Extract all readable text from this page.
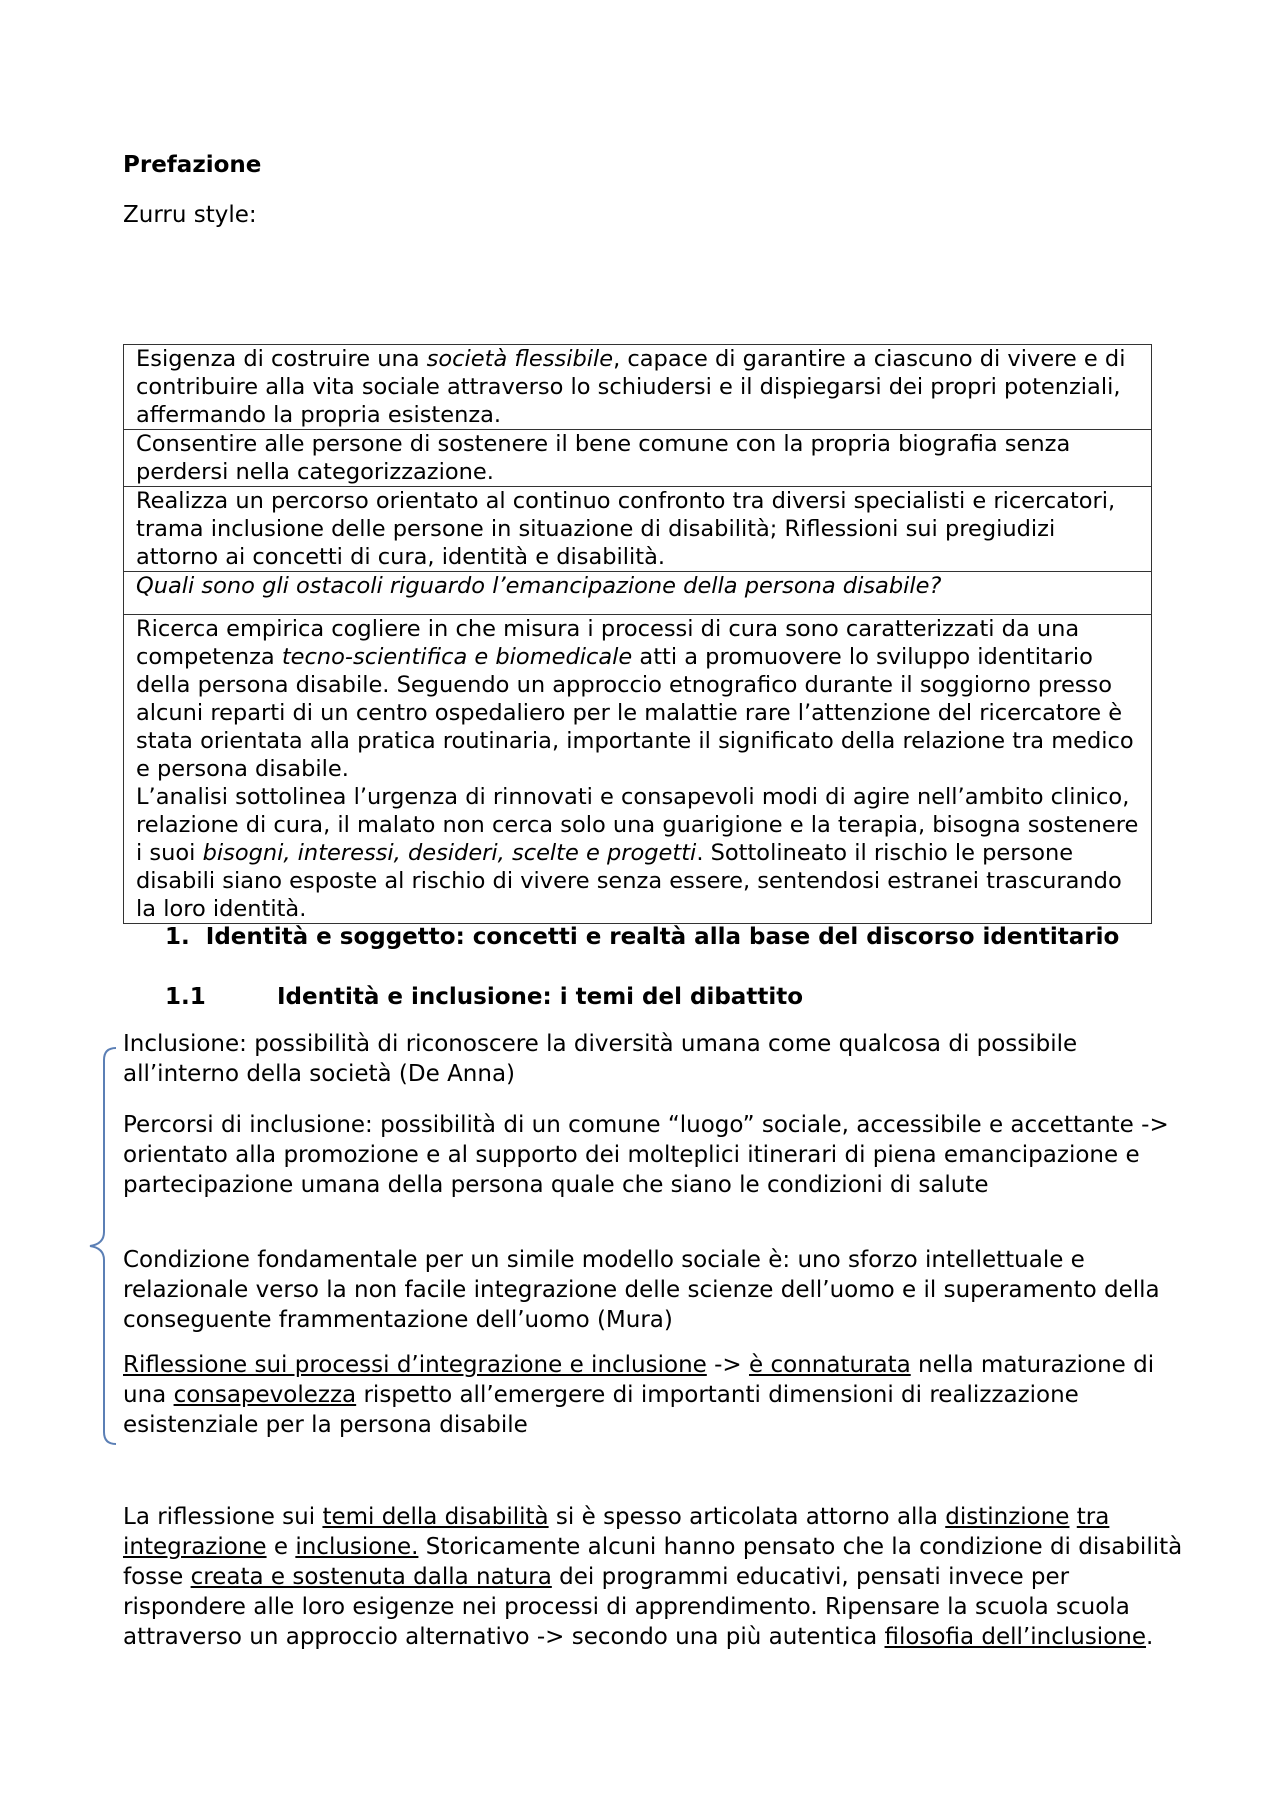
Prefazione
Zurru style:
Esigenza di costruire una società flessibile, capace di garantire a ciascuno di vivere e di contribuire alla vita sociale attraverso lo schiudersi e il dispiegarsi dei propri potenziali, affermando la propria esistenza.
Consentire alle persone di sostenere il bene comune con la propria biografia senza perdersi nella categorizzazione.
Realizza un percorso orientato al continuo confronto tra diversi specialisti e ricercatori, trama inclusione delle persone in situazione di disabilità; Riflessioni sui pregiudizi attorno ai concetti di cura, identità e disabilità.
Quali sono gli ostacoli riguardo l’emancipazione della persona disabile?
Ricerca empirica cogliere in che misura i processi di cura sono caratterizzati da una competenza tecno-scientifica e biomedicale atti a promuovere lo sviluppo identitario della persona disabile. Seguendo un approccio etnografico durante il soggiorno presso alcuni reparti di un centro ospedaliero per le malattie rare l’attenzione del ricercatore è stata orientata alla pratica routinaria, importante il significato della relazione tra medico e persona disabile.
L’analisi sottolinea l’urgenza di rinnovati e consapevoli modi di agire nell’ambito clinico, relazione di cura, il malato non cerca solo una guarigione e la terapia, bisogna sostenere i suoi bisogni, interessi, desideri, scelte e progetti. Sottolineato il rischio le persone disabili siano esposte al rischio di vivere senza essere, sentendosi estranei trascurando la loro identità.
1. Identità e soggetto: concetti e realtà alla base del discorso identitario
1.1	Identità e inclusione: i temi del dibattito

Inclusione: possibilità di riconoscere la diversità umana come qualcosa di possibile all’interno della società (De Anna)

Percorsi di inclusione: possibilità di un comune “luogo” sociale, accessibile e accettante -> orientato alla promozione e al supporto dei molteplici itinerari di piena emancipazione e partecipazione umana della persona quale che siano le condizioni di salute

Condizione fondamentale per un simile modello sociale è: uno sforzo intellettuale e relazionale verso la non facile integrazione delle scienze dell’uomo e il superamento della conseguente frammentazione dell’uomo (Mura)

Riflessione sui processi d’integrazione e inclusione -> è connaturata nella maturazione di una consapevolezza rispetto all’emergere di importanti dimensioni di realizzazione esistenziale per la persona disabile

La riflessione sui temi della disabilità si è spesso articolata attorno alla distinzione tra integrazione e inclusione. Storicamente alcuni hanno pensato che la condizione di disabilità fosse creata e sostenuta dalla natura dei programmi educativi, pensati invece per rispondere alle loro esigenze nei processi di apprendimento. Ripensare la scuola scuola attraverso un approccio alternativo -> secondo una più autentica filosofia dell’inclusione.
